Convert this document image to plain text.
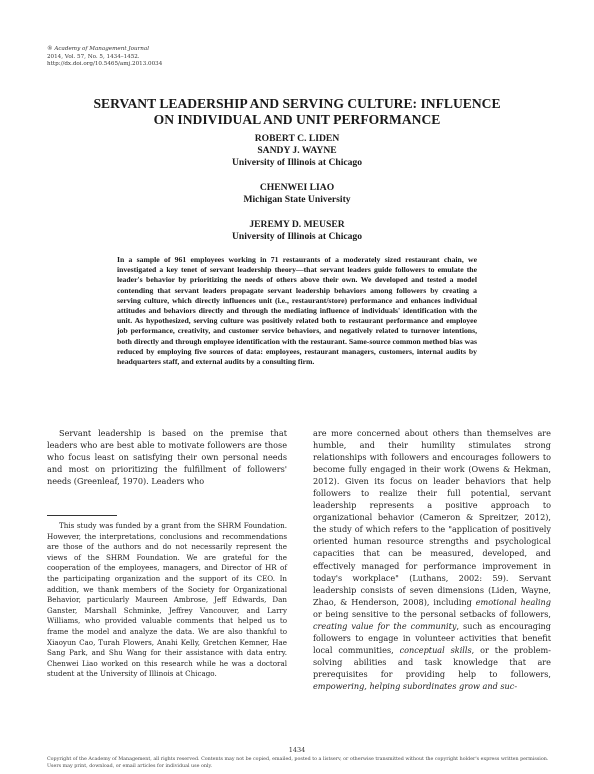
® Academy of Management Journal
2014, Vol. 57, No. 5, 1434–1452.
http://dx.doi.org/10.5465/amj.2013.0034
SERVANT LEADERSHIP AND SERVING CULTURE: INFLUENCE
ON INDIVIDUAL AND UNIT PERFORMANCE
ROBERT C. LIDEN
SANDY J. WAYNE
University of Illinois at Chicago
CHENWEI LIAO
Michigan State University
JEREMY D. MEUSER
University of Illinois at Chicago
In a sample of 961 employees working in 71 restaurants of a moderately sized restaurant chain, we investigated a key tenet of servant leadership theory—that servant leaders guide followers to emulate the leader's behavior by prioritizing the needs of others above their own. We developed and tested a model contending that servant leaders propagate servant leadership behaviors among followers by creating a serving culture, which directly influences unit (i.e., restaurant/store) performance and enhances individual attitudes and behaviors directly and through the mediating influence of individuals' identification with the unit. As hypothesized, serving culture was positively related both to restaurant performance and employee job performance, creativity, and customer service behaviors, and negatively related to turnover intentions, both directly and through employee identification with the restaurant. Same-source common method bias was reduced by employing five sources of data: employees, restaurant managers, customers, internal audits by headquarters staff, and external audits by a consulting firm.

Servant leadership is based on the premise that leaders who are best able to motivate followers are those who focus least on satisfying their own personal needs and most on prioritizing the fulfillment of followers' needs (Greenleaf, 1970). Leaders who

This study was funded by a grant from the SHRM Foundation. However, the interpretations, conclusions and recommendations are those of the authors and do not necessarily represent the views of the SHRM Foundation. We are grateful for the cooperation of the employees, managers, and Director of HR of the participating organization and the support of its CEO. In addition, we thank members of the Society for Organizational Behavior, particularly Maureen Ambrose, Jeff Edwards, Dan Ganster, Marshall Schminke, Jeffrey Vancouver, and Larry Williams, who provided valuable comments that helped us to frame the model and analyze the data. We are also thankful to Xiaoyun Cao, Turah Flowers, Anahi Kelly, Gretchen Kemner, Hae Sang Park, and Shu Wang for their assistance with data entry. Chenwei Liao worked on this research while he was a doctoral student at the University of Illinois at Chicago.

are more concerned about others than themselves are humble, and their humility stimulates strong relationships with followers and encourages followers to become fully engaged in their work (Owens & Hekman, 2012). Given its focus on leader behaviors that help followers to realize their full potential, servant leadership represents a positive approach to organizational behavior (Cameron & Spreitzer, 2012), the study of which refers to the "application of positively oriented human resource strengths and psychological capacities that can be measured, developed, and effectively managed for performance improvement in today's workplace" (Luthans, 2002: 59). Servant leadership consists of seven dimensions (Liden, Wayne, Zhao, & Henderson, 2008), including emotional healing or being sensitive to the personal setbacks of followers, creating value for the community, such as encouraging followers to engage in volunteer activities that benefit local communities, conceptual skills, or the problem-solving abilities and task knowledge that are prerequisites for providing help to followers, empowering, helping subordinates grow and suc-

1434
Copyright of the Academy of Management, all rights reserved. Contents may not be copied, emailed, posted to a listserv, or otherwise transmitted without the copyright holder's express written permission. Users may print, download, or email articles for individual use only.
